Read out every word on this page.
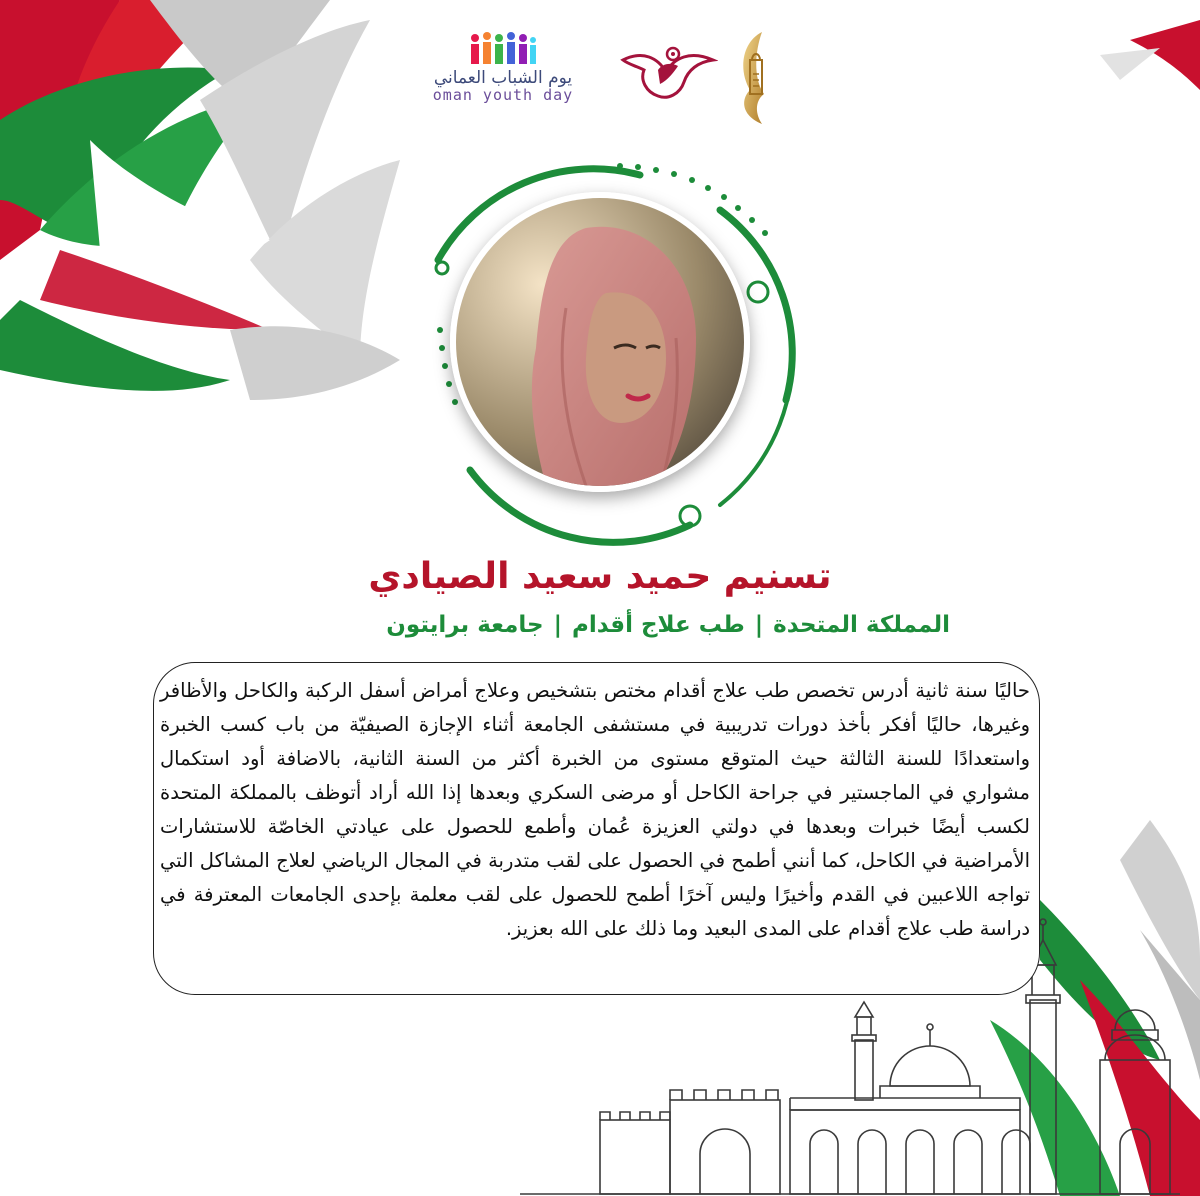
يوم الشباب العماني
oman youth day
تسنيم حميد سعيد الصيادي
المملكة المتحدة|طب علاج أقدام|جامعة برايتون
حاليًا سنة ثانية أدرس تخصص طب علاج أقدام مختص بتشخيص وعلاج أمراض أسفل الركبة والكاحل والأظافر وغيرها، حاليًا أفكر بأخذ دورات تدريبية في مستشفى الجامعة أثناء الإجازة الصيفيّة من باب كسب الخبرة واستعدادًا للسنة الثالثة حيث المتوقع مستوى من الخبرة أكثر من السنة الثانية، بالاضافة أود استكمال مشواري في الماجستير في جراحة الكاحل أو مرضى السكري وبعدها إذا الله أراد أتوظف بالمملكة المتحدة لكسب أيضًا خبرات وبعدها في دولتي العزيزة عُمان وأطمع للحصول على عيادتي الخاصّة للاستشارات الأمراضية في الكاحل، كما أنني أطمح في الحصول على لقب متدربة في المجال الرياضي لعلاج المشاكل التي تواجه اللاعبين في القدم وأخيرًا وليس آخرًا أطمح للحصول على لقب معلمة بإحدى الجامعات المعترفة في دراسة طب علاج أقدام على المدى البعيد وما ذلك على الله بعزيز.
